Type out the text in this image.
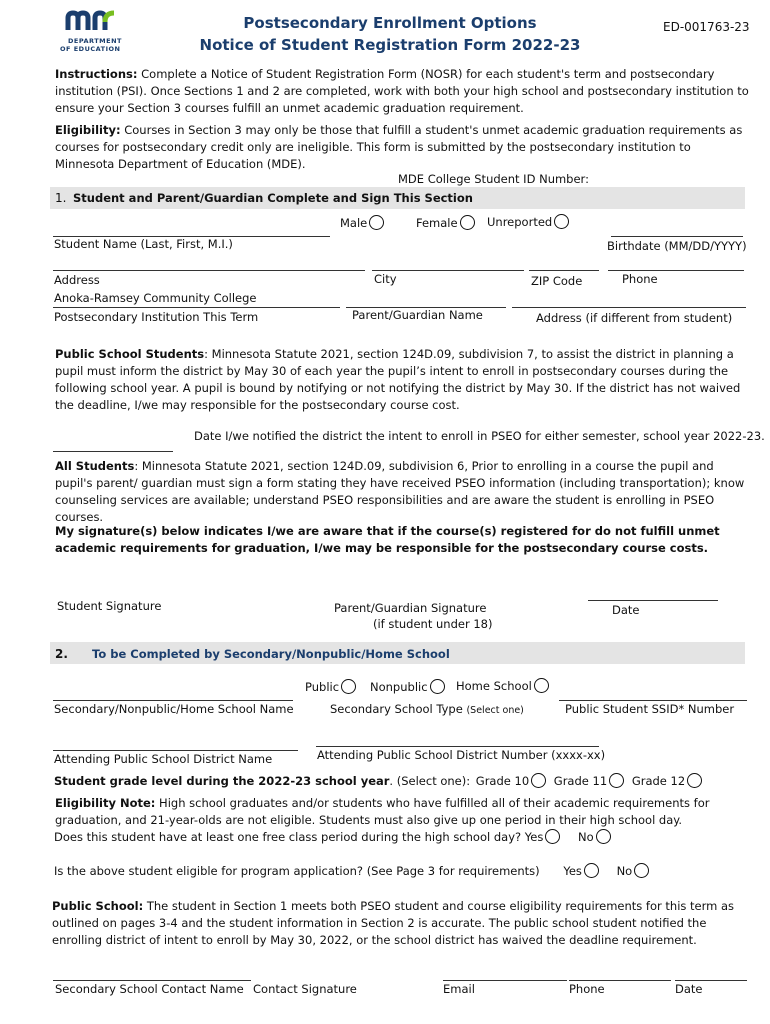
DEPARTMENT
OF EDUCATION
Postsecondary Enrollment Options
Notice of Student Registration Form 2022-23
ED-001763-23
Instructions: Complete a Notice of Student Registration Form (NOSR) for each student's term and postsecondary institution (PSI). Once Sections 1 and 2 are completed, work with both your high school and postsecondary institution to ensure your Section 3 courses fulfill an unmet academic graduation requirement.
Eligibility: Courses in Section 3 may only be those that fulfill a student's unmet academic graduation requirements as courses for postsecondary credit only are ineligible. This form is submitted by the postsecondary institution to Minnesota Department of Education (MDE).
MDE College Student ID Number:
1. Student and Parent/Guardian Complete and Sign This Section
Male	Female	Unreported
Student Name (Last, First, M.I.)	Birthdate (MM/DD/YYYY)
Address	City	ZIP Code	Phone
Anoka-Ramsey Community College
Postsecondary Institution This Term	Parent/Guardian Name	Address (if different from student)
Public School Students: Minnesota Statute 2021, section 124D.09, subdivision 7, to assist the district in planning a pupil must inform the district by May 30 of each year the pupil’s intent to enroll in postsecondary courses during the following school year. A pupil is bound by notifying or not notifying the district by May 30. If the district has not waived the deadline, I/we may responsible for the postsecondary course cost.
Date I/we notified the district the intent to enroll in PSEO for either semester, school year 2022-23.
All Students: Minnesota Statute 2021, section 124D.09, subdivision 6, Prior to enrolling in a course the pupil and pupil's parent/ guardian must sign a form stating they have received PSEO information (including transportation); know counseling services are available; understand PSEO responsibilities and are aware the student is enrolling in PSEO courses.
My signature(s) below indicates I/we are aware that if the course(s) registered for do not fulfill unmet academic requirements for graduation, I/we may be responsible for the postsecondary course costs.
Student Signature	Parent/Guardian Signature
(if student under 18)
Date
2. To be Completed by Secondary/Nonpublic/Home School
Public	Nonpublic	Home School
Secondary/Nonpublic/Home School Name	Secondary School Type (Select one)	Public Student SSID* Number
Attending Public School District Name	Attending Public School District Number (xxxx-xx)
Student grade level during the 2022-23 school year. (Select one): Grade 10 Grade 11 Grade 12
Eligibility Note: High school graduates and/or students who have fulfilled all of their academic requirements for graduation, and 21-year-olds are not eligible. Students must also give up one period in their high school day.
Does this student have at least one free class period during the high school day? Yes	No
Is the above student eligible for program application? (See Page 3 for requirements) Yes	No
Public School: The student in Section 1 meets both PSEO student and course eligibility requirements for this term as outlined on pages 3-4 and the student information in Section 2 is accurate. The public school student notified the enrolling district of intent to enroll by May 30, 2022, or the school district has waived the deadline requirement.
Secondary School Contact Name Contact Signature	Email	Phone	Date
